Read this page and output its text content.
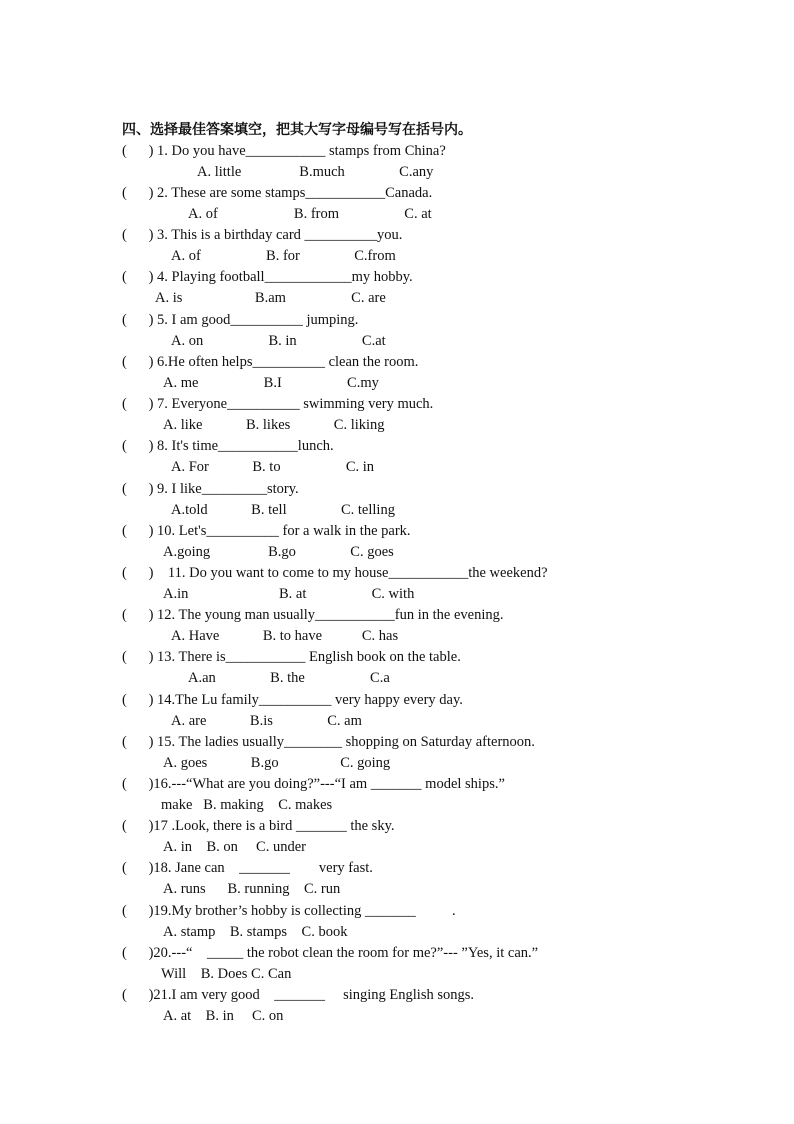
四、选择最佳答案填空，把其大写字母编号写在括号内。
(      ) 1. Do you have___________ stamps from China?
A. little                B.much               C.any
(      ) 2. These are some stamps___________Canada.
A. of                     B. from                  C. at
(      ) 3. This is a birthday card __________you.
A. of                  B. for               C.from
(      ) 4. Playing football____________my hobby.
A. is                    B.am                  C. are
(      ) 5. I am good__________ jumping.
A. on                  B. in                  C.at
(      ) 6.He often helps__________ clean the room.
A. me                  B.I                  C.my
(      ) 7. Everyone__________ swimming very much.
A. like            B. likes            C. liking
(      ) 8. It's time___________lunch.
A. For            B. to                  C. in
(      ) 9. I like_________story.
A.told            B. tell               C. telling
(      ) 10. Let's__________ for a walk in the park.
A.going                B.go               C. goes
(      )    11. Do you want to come to my house___________the weekend?
A.in                         B. at                  C. with
(      ) 12. The young man usually___________fun in the evening.
A. Have            B. to have           C. has
(      ) 13. There is___________ English book on the table.
A.an               B. the                  C.a
(      ) 14.The Lu family__________ very happy every day.
A. are            B.is               C. am
(      ) 15. The ladies usually________ shopping on Saturday afternoon.
A. goes            B.go                 C. going
(      )16.---“What are you doing?”---“I am _______ model ships.”
make   B. making    C. makes
(      )17 .Look, there is a bird _______ the sky.
A. in    B. on     C. under
(      )18. Jane can    _______        very fast.
A. runs      B. running    C. run
(      )19.My brother’s hobby is collecting _______          .
A. stamp    B. stamps    C. book
(      )20.---“    _____ the robot clean the room for me?”--- ”Yes, it can.”
Will    B. Does C. Can
(      )21.I am very good    _______     singing English songs.
A. at    B. in     C. on
